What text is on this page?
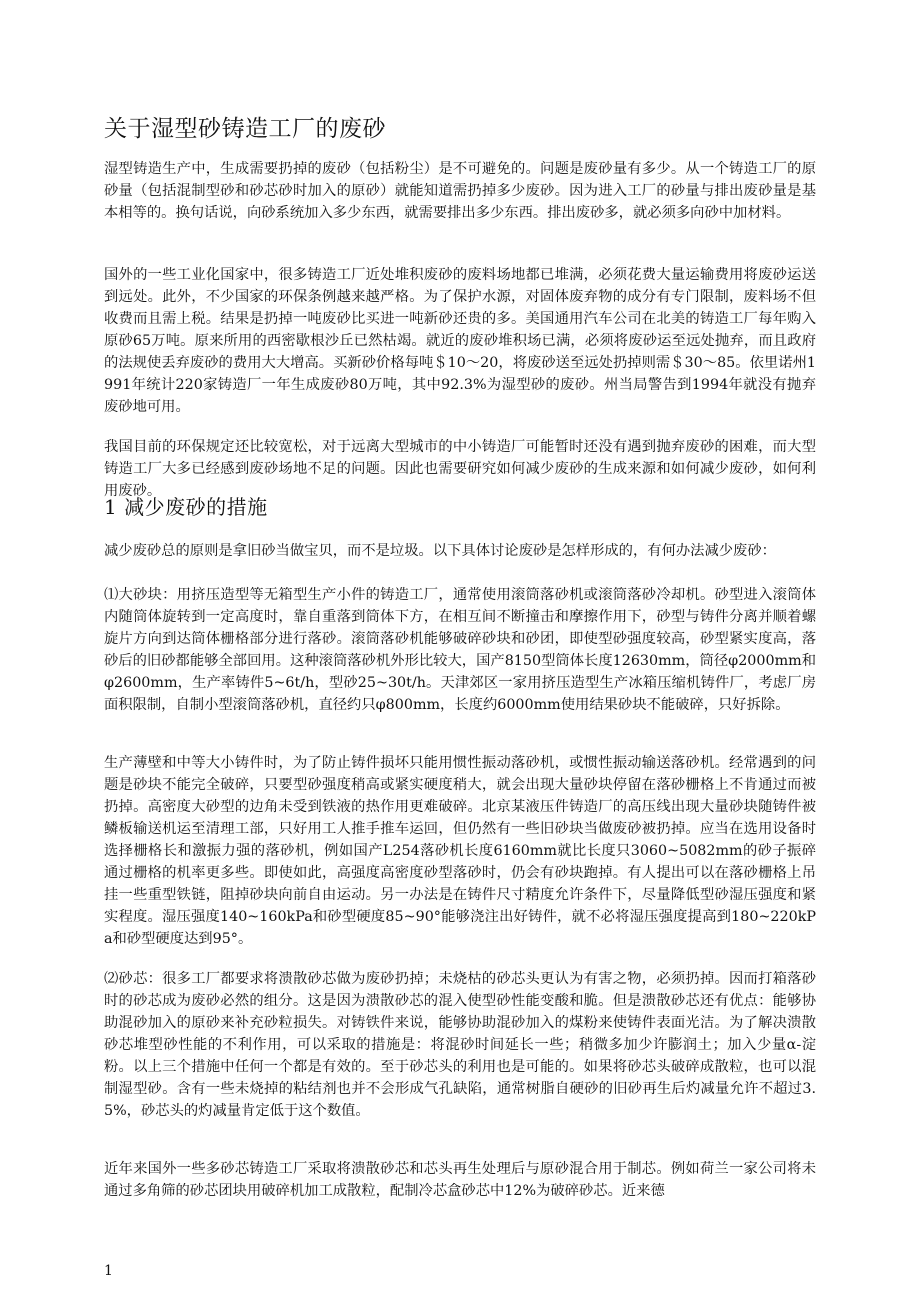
关于湿型砂铸造工厂的废砂

湿型铸造生产中，生成需要扔掉的废砂（包括粉尘）是不可避免的。问题是废砂量有多少。从一个铸造工厂的原砂量（包括混制型砂和砂芯砂时加入的原砂）就能知道需扔掉多少废砂。因为进入工厂的砂量与排出废砂量是基本相等的。换句话说，向砂系统加入多少东西，就需要排出多少东西。排出废砂多，就必须多向砂中加材料。

国外的一些工业化国家中，很多铸造工厂近处堆积废砂的废料场地都已堆满，必须花费大量运输费用将废砂运送到远处。此外，不少国家的环保条例越来越严格。为了保护水源，对固体废弃物的成分有专门限制，废料场不但收费而且需上税。结果是扔掉一吨废砂比买进一吨新砂还贵的多。美国通用汽车公司在北美的铸造工厂每年购入原砂65万吨。原来所用的西密歇根沙丘已然枯竭。就近的废砂堆积场已满，必须将废砂运至远处抛弃，而且政府的法规使丢弃废砂的费用大大增高。买新砂价格每吨＄10～20，将废砂送至远处扔掉则需＄30～85。依里诺州1991年统计220家铸造厂一年生成废砂80万吨，其中92.3%为湿型砂的废砂。州当局警告到1994年就没有抛弃废砂地可用。

我国目前的环保规定还比较宽松，对于远离大型城市的中小铸造厂可能暂时还没有遇到抛弃废砂的困难，而大型铸造工厂大多已经感到废砂场地不足的问题。因此也需要研究如何减少废砂的生成来源和如何减少废砂，如何利用废砂。

1 减少废砂的措施

减少废砂总的原则是拿旧砂当做宝贝，而不是垃圾。以下具体讨论废砂是怎样形成的，有何办法减少废砂：

⑴大砂块：用挤压造型等无箱型生产小件的铸造工厂，通常使用滚筒落砂机或滚筒落砂冷却机。砂型进入滚筒体内随筒体旋转到一定高度时，靠自重落到筒体下方，在相互间不断撞击和摩擦作用下，砂型与铸件分离并顺着螺旋片方向到达筒体栅格部分进行落砂。滚筒落砂机能够破碎砂块和砂团，即使型砂强度较高，砂型紧实度高，落砂后的旧砂都能够全部回用。这种滚筒落砂机外形比较大，国产8150型筒体长度12630mm，筒径φ2000mm和φ2600mm，生产率铸件5~6t/h，型砂25~30t/h。天津郊区一家用挤压造型生产冰箱压缩机铸件厂，考虑厂房面积限制，自制小型滚筒落砂机，直径约只φ800mm，长度约6000mm使用结果砂块不能破碎，只好拆除。

生产薄壁和中等大小铸件时，为了防止铸件损坏只能用惯性振动落砂机，或惯性振动输送落砂机。经常遇到的问题是砂块不能完全破碎，只要型砂强度稍高或紧实硬度稍大，就会出现大量砂块停留在落砂栅格上不肯通过而被扔掉。高密度大砂型的边角未受到铁液的热作用更难破碎。北京某液压件铸造厂的高压线出现大量砂块随铸件被鳞板输送机运至清理工部，只好用工人推手推车运回，但仍然有一些旧砂块当做废砂被扔掉。应当在选用设备时选择栅格长和激振力强的落砂机，例如国产L254落砂机长度6160mm就比长度只3060~5082mm的砂子振碎通过栅格的机率更多些。即使如此，高强度高密度砂型落砂时，仍会有砂块跑掉。有人提出可以在落砂栅格上吊挂一些重型铁链，阻掉砂块向前自由运动。另一办法是在铸件尺寸精度允许条件下，尽量降低型砂湿压强度和紧实程度。湿压强度140~160kPa和砂型硬度85~90°能够浇注出好铸件，就不必将湿压强度提高到180~220kPa和砂型硬度达到95°。

⑵砂芯：很多工厂都要求将溃散砂芯做为废砂扔掉；未烧枯的砂芯头更认为有害之物，必须扔掉。因而打箱落砂时的砂芯成为废砂必然的组分。这是因为溃散砂芯的混入使型砂性能变酸和脆。但是溃散砂芯还有优点：能够协助混砂加入的原砂来补充砂粒损失。对铸铁件来说，能够协助混砂加入的煤粉来使铸件表面光洁。为了解决溃散砂芯堆型砂性能的不利作用，可以采取的措施是：将混砂时间延长一些；稍微多加少许膨润土；加入少量α-淀粉。以上三个措施中任何一个都是有效的。至于砂芯头的利用也是可能的。如果将砂芯头破碎成散粒，也可以混制湿型砂。含有一些未烧掉的粘结剂也并不会形成气孔缺陷，通常树脂自硬砂的旧砂再生后灼减量允许不超过3.5%，砂芯头的灼减量肯定低于这个数值。

近年来国外一些多砂芯铸造工厂采取将溃散砂芯和芯头再生处理后与原砂混合用于制芯。例如荷兰一家公司将未通过多角筛的砂芯团块用破碎机加工成散粒，配制冷芯盒砂芯中12%为破碎砂芯。近来德

1
